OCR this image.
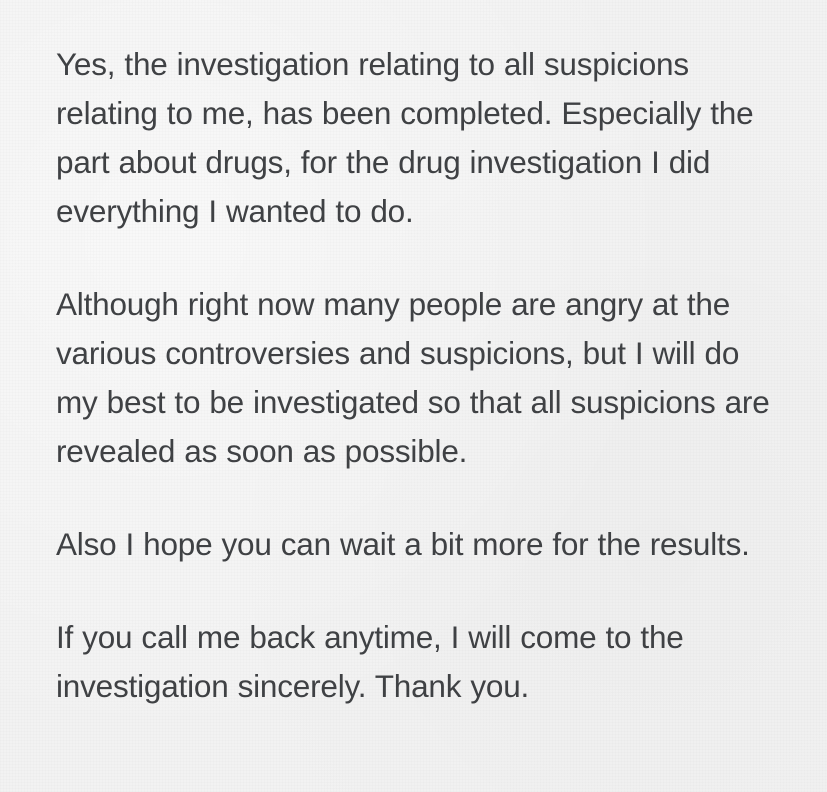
Yes, the investigation relating to all suspicions relating to me, has been completed. Especially the part about drugs, for the drug investigation I did everything I wanted to do.

Although right now many people are angry at the various controversies and suspicions, but I will do my best to be investigated so that all suspicions are revealed as soon as possible.

Also I hope you can wait a bit more for the results.

If you call me back anytime, I will come to the investigation sincerely. Thank you.
